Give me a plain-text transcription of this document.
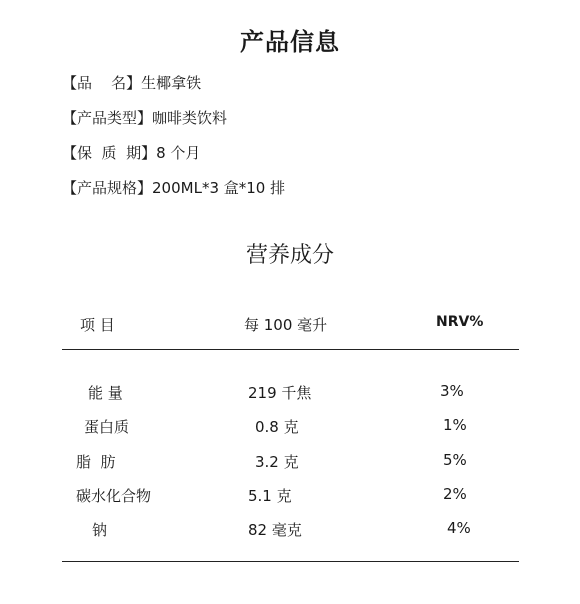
产品信息
【品    名】生椰拿铁
【产品类型】咖啡类饮料
【保  质  期】8 个月
【产品规格】200ML*3 盒*10 排
营养成分
项 目	每 100 毫升	NRV%
能 量	219 千焦	3%
蛋白质	0.8 克	1%
脂  肪	3.2 克	5%
碳水化合物	5.1 克	2%
钠	82 毫克	4%
